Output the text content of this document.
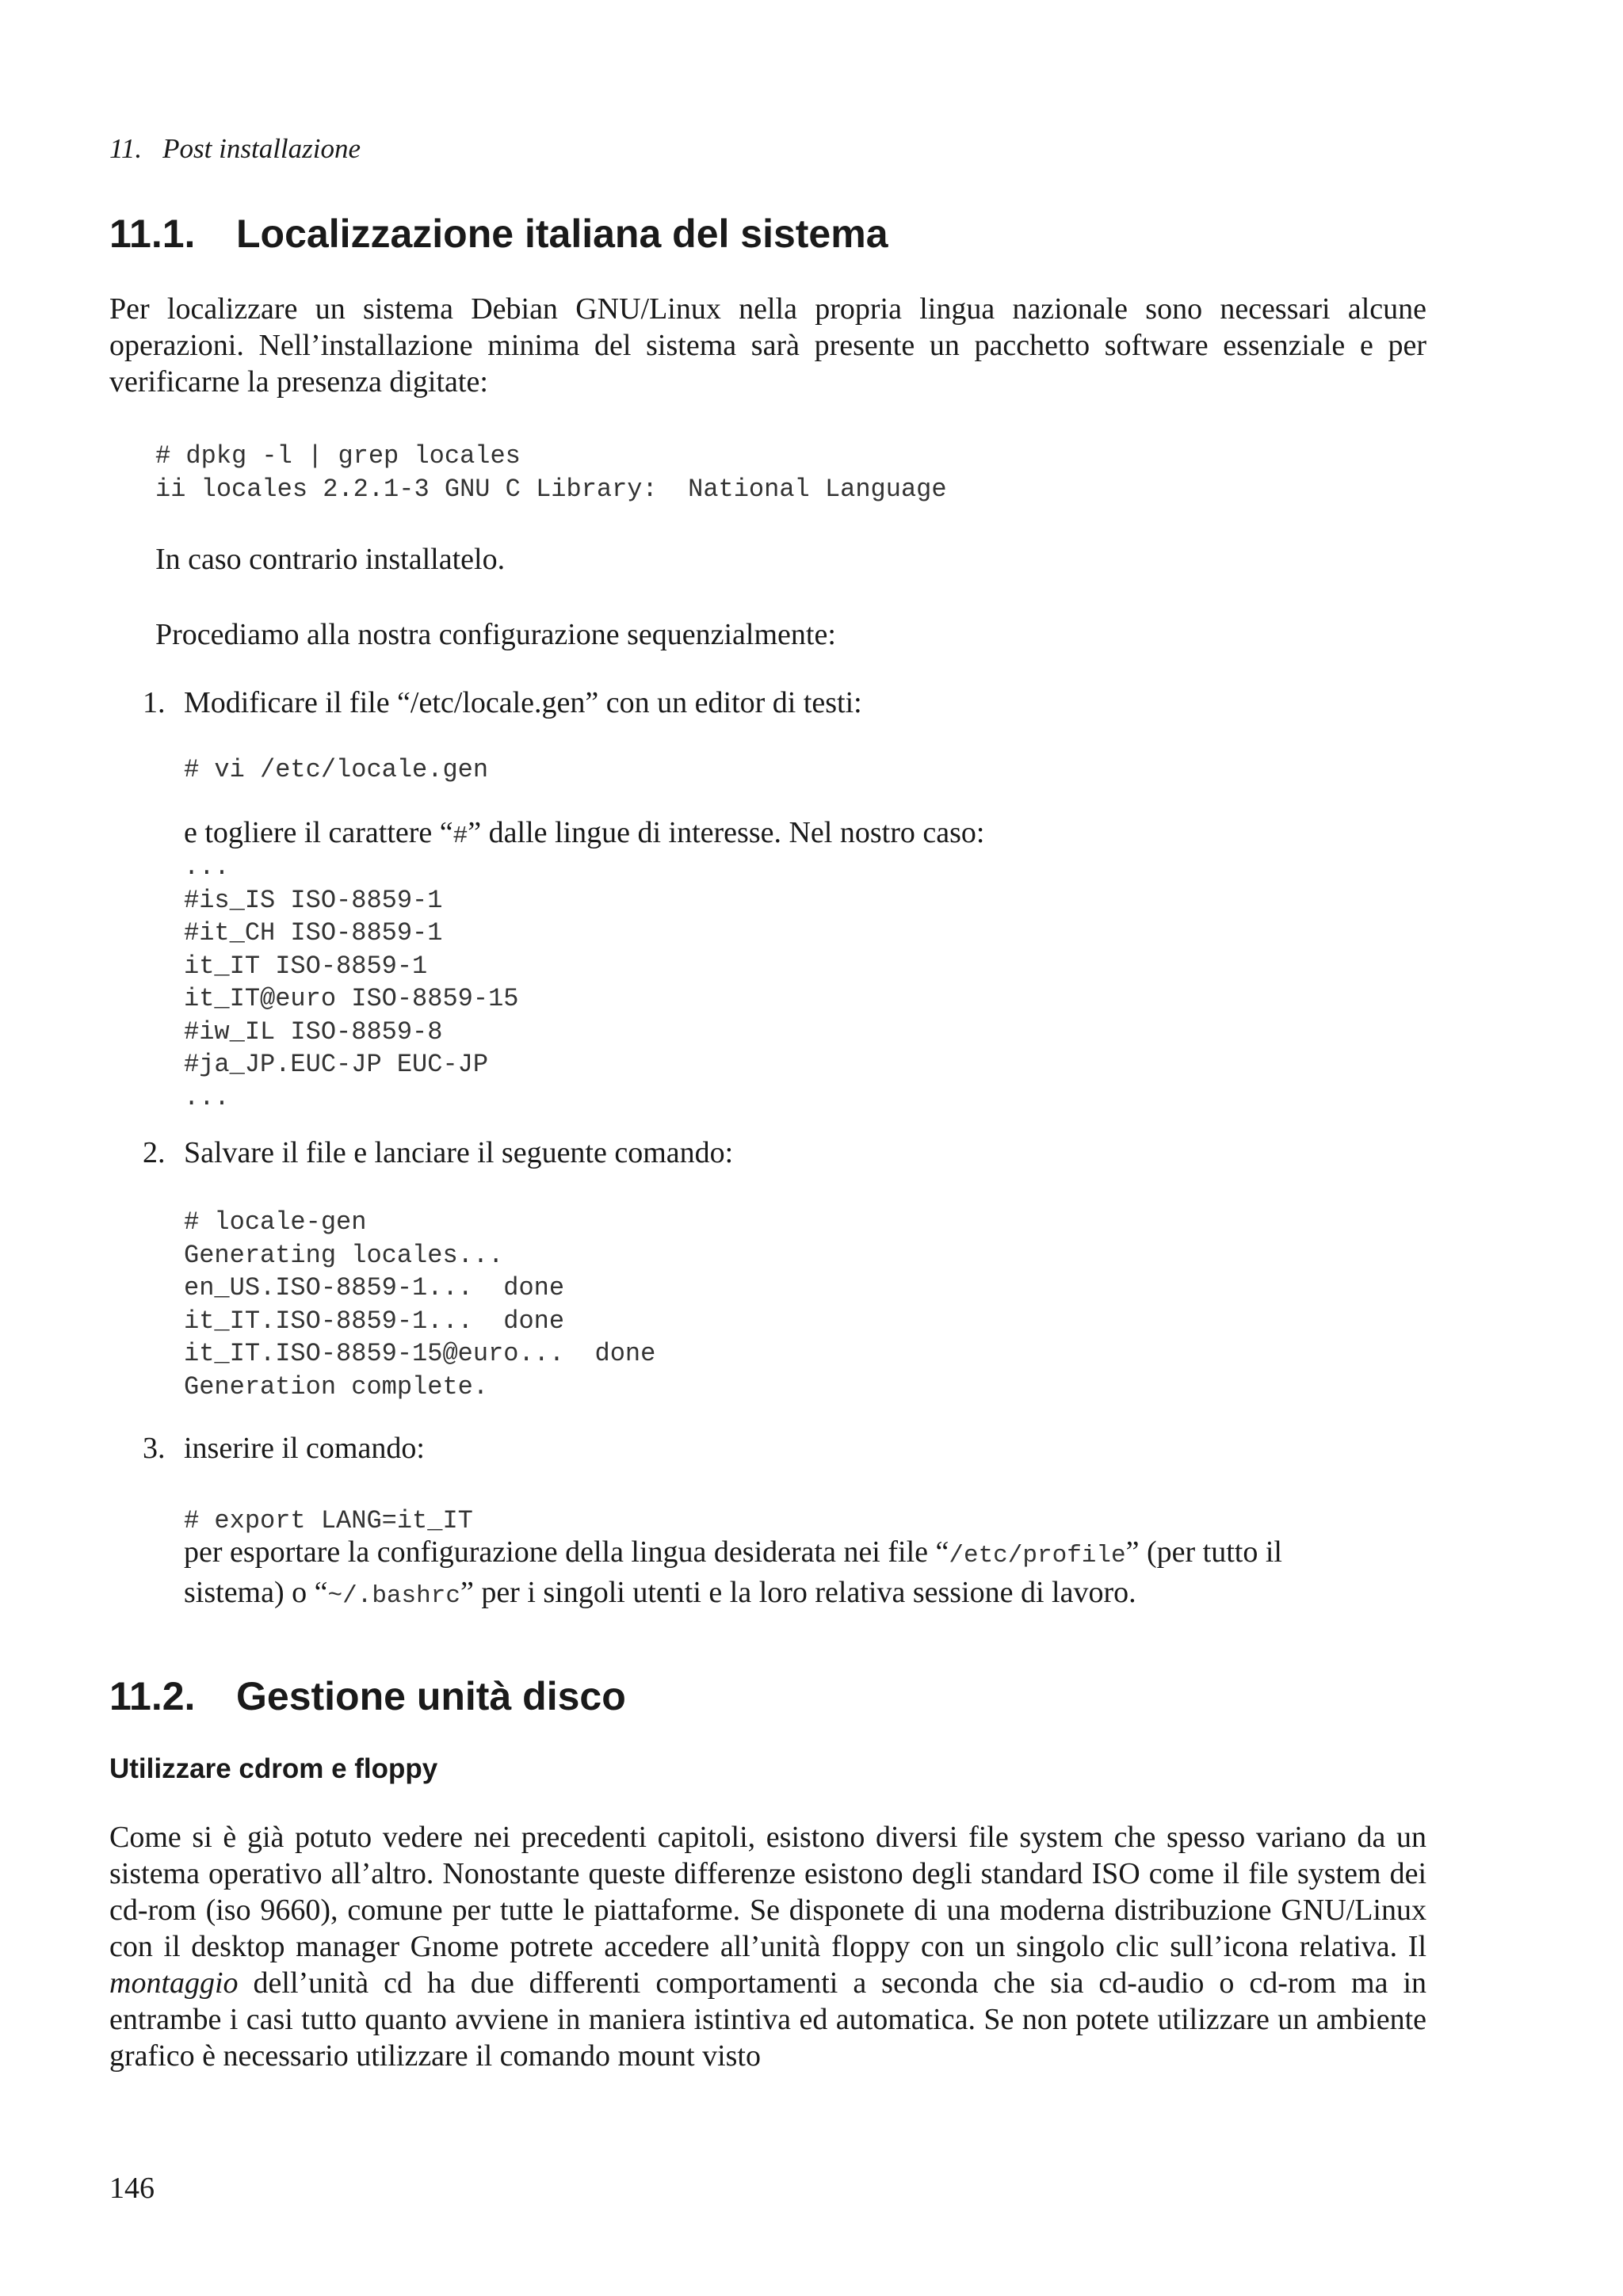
11. Post installazione
11.1. Localizzazione italiana del sistema

Per localizzare un sistema Debian GNU/Linux nella propria lingua nazionale sono necessari alcune operazioni. Nell’installazione minima del sistema sarà presente un pacchetto software essenziale e per verificarne la presenza digitate:

# dpkg -l | grep locales
ii locales 2.2.1-3 GNU C Library:  National Language

In caso contrario installatelo.

Procediamo alla nostra configurazione sequenzialmente:

1. Modificare il file “/etc/locale.gen” con un editor di testi:
# vi /etc/locale.gen
e togliere il carattere “#” dalle lingue di interesse. Nel nostro caso:
...
#is_IS ISO-8859-1
#it_CH ISO-8859-1
it_IT ISO-8859-1
it_IT@euro ISO-8859-15
#iw_IL ISO-8859-8
#ja_JP.EUC-JP EUC-JP
...
2. Salvare il file e lanciare il seguente comando:
# locale-gen
Generating locales...
en_US.ISO-8859-1...  done
it_IT.ISO-8859-1...  done
it_IT.ISO-8859-15@euro...  done
Generation complete.
3. inserire il comando:
# export LANG=it_IT
per esportare la configurazione della lingua desiderata nei file “/etc/profile” (per tutto il
sistema) o “~/.bashrc” per i singoli utenti e la loro relativa sessione di lavoro.
11.2. Gestione unità disco
Utilizzare cdrom e floppy

Come si è già potuto vedere nei precedenti capitoli, esistono diversi file system che spesso variano da un sistema operativo all’altro. Nonostante queste differenze esistono degli standard ISO come il file system dei cd-rom (iso 9660), comune per tutte le piattaforme. Se disponete di una moderna distribuzione GNU/Linux con il desktop manager Gnome potrete accedere all’unità floppy con un singolo clic sull’icona relativa. Il montaggio dell’unità cd ha due differenti comportamenti a seconda che sia cd-audio o cd-rom ma in entrambe i casi tutto quanto avviene in maniera istintiva ed automatica. Se non potete utilizzare un ambiente grafico è necessario utilizzare il comando mount visto

146
